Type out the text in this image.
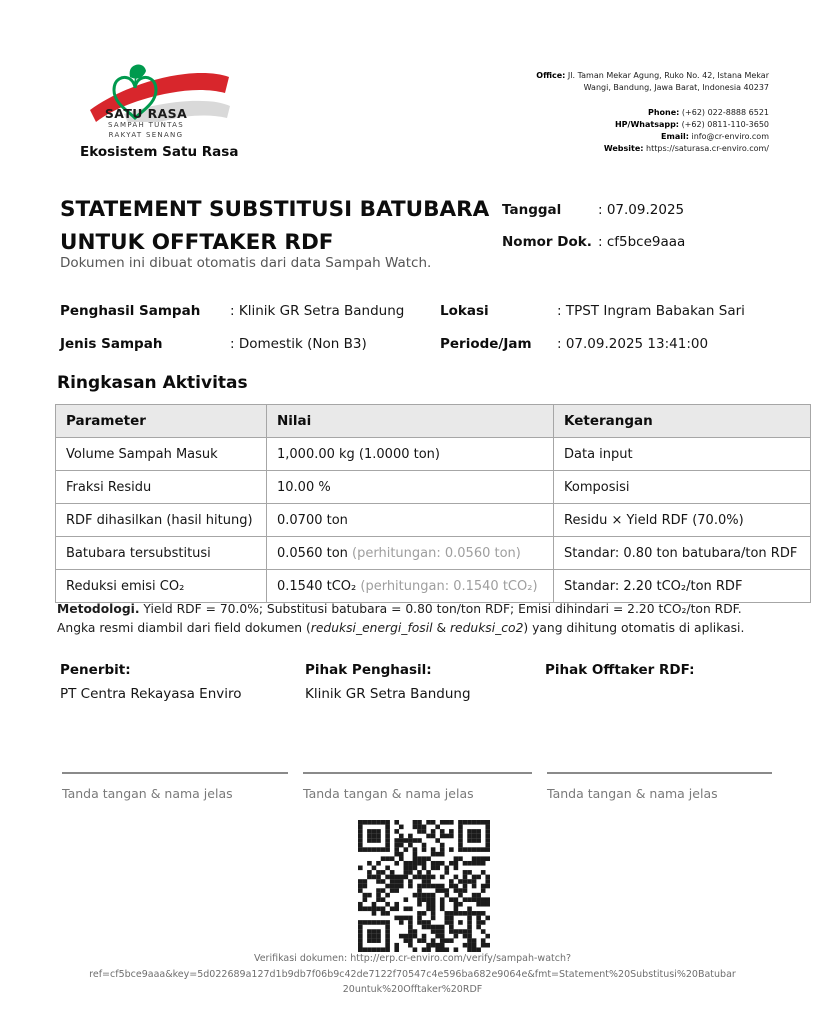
SATU RASA
SAMPAH TUNTAS
RAKYAT SENANG
Ekosistem Satu Rasa
Office: Jl. Taman Mekar Agung, Ruko No. 42, Istana Mekar
Wangi, Bandung, Jawa Barat, Indonesia 40237
Phone: (+62) 022-8888 6521
HP/Whatsapp: (+62) 0811-110-3650
Email: info@cr-enviro.com
Website: https://saturasa.cr-enviro.com/
STATEMENT SUBSTITUSI BATUBARA
UNTUK OFFTAKER RDF
Dokumen ini dibuat otomatis dari data Sampah Watch.
Tanggal	: 07.09.2025
Nomor Dok. : cf5bce9aaa
Penghasil Sampah : Klinik GR Setra Bandung	Lokasi	: TPST Ingram Babakan Sari
Jenis Sampah	: Domestik (Non B3)	Periode/Jam : 07.09.2025 13:41:00
Ringkasan Aktivitas
Parameter	Nilai	Keterangan
Volume Sampah Masuk	1,000.00 kg (1.0000 ton)	Data input
Fraksi Residu	10.00 %	Komposisi
RDF dihasilkan (hasil hitung)	0.0700 ton	Residu × Yield RDF (70.0%)
Batubara tersubstitusi	0.0560 ton (perhitungan: 0.0560 ton)	Standar: 0.80 ton batubara/ton RDF
Reduksi emisi CO₂	0.1540 tCO₂ (perhitungan: 0.1540 tCO₂)	Standar: 2.20 tCO₂/ton RDF
Metodologi. Yield RDF = 70.0%; Substitusi batubara = 0.80 ton/ton RDF; Emisi dihindari = 2.20 tCO₂/ton RDF. Angka resmi diambil dari field dokumen (reduksi_energi_fosil & reduksi_co2) yang dihitung otomatis di aplikasi.
Penerbit:
PT Centra Rekayasa Enviro
Pihak Penghasil:
Klinik GR Setra Bandung
Pihak Offtaker RDF:
Tanda tangan & nama jelas	Tanda tangan & nama jelas	Tanda tangan & nama jelas
Verifikasi dokumen: http://erp.cr-enviro.com/verify/sampah-watch?
ref=cf5bce9aaa&key=5d022689a127d1b9db7f06b9c42de7122f70547c4e596ba682e9064e&fmt=Statement%20Substitusi%20Batubar
20untuk%20Offtaker%20RDF
